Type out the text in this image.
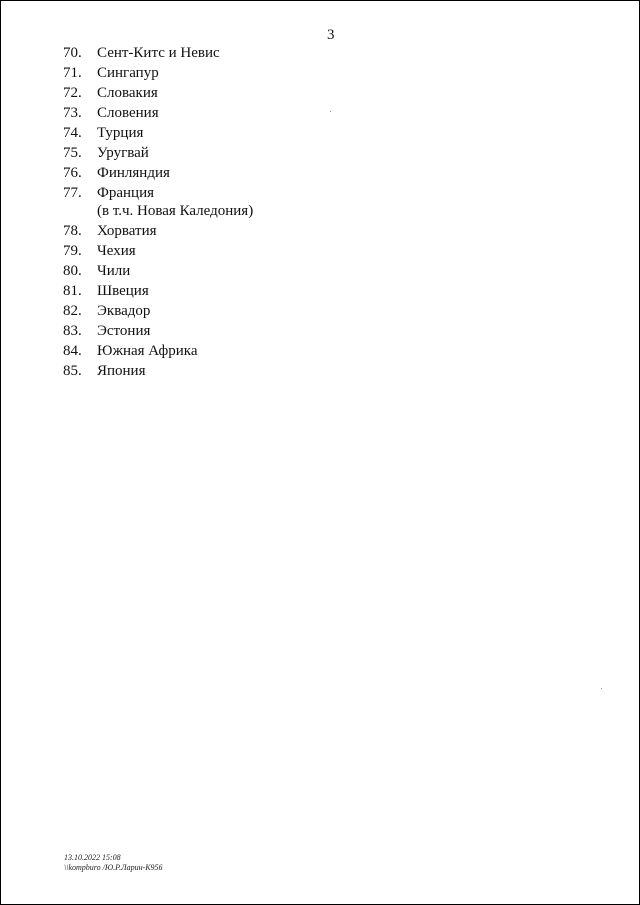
3
70.	Сент-Китс и Невис
71.	Сингапур
72.	Словакия
73.	Словения
74.	Турция
75.	Уругвай
76.	Финляндия
77.	Франция
(в т.ч. Новая Каледония)
78.	Хорватия
79.	Чехия
80.	Чили
81.	Швеция
82.	Эквадор
83.	Эстония
84.	Южная Африка
85.	Япония
13.10.2022 15:08
\\kompburo /Ю.Р.Ларин-К956
